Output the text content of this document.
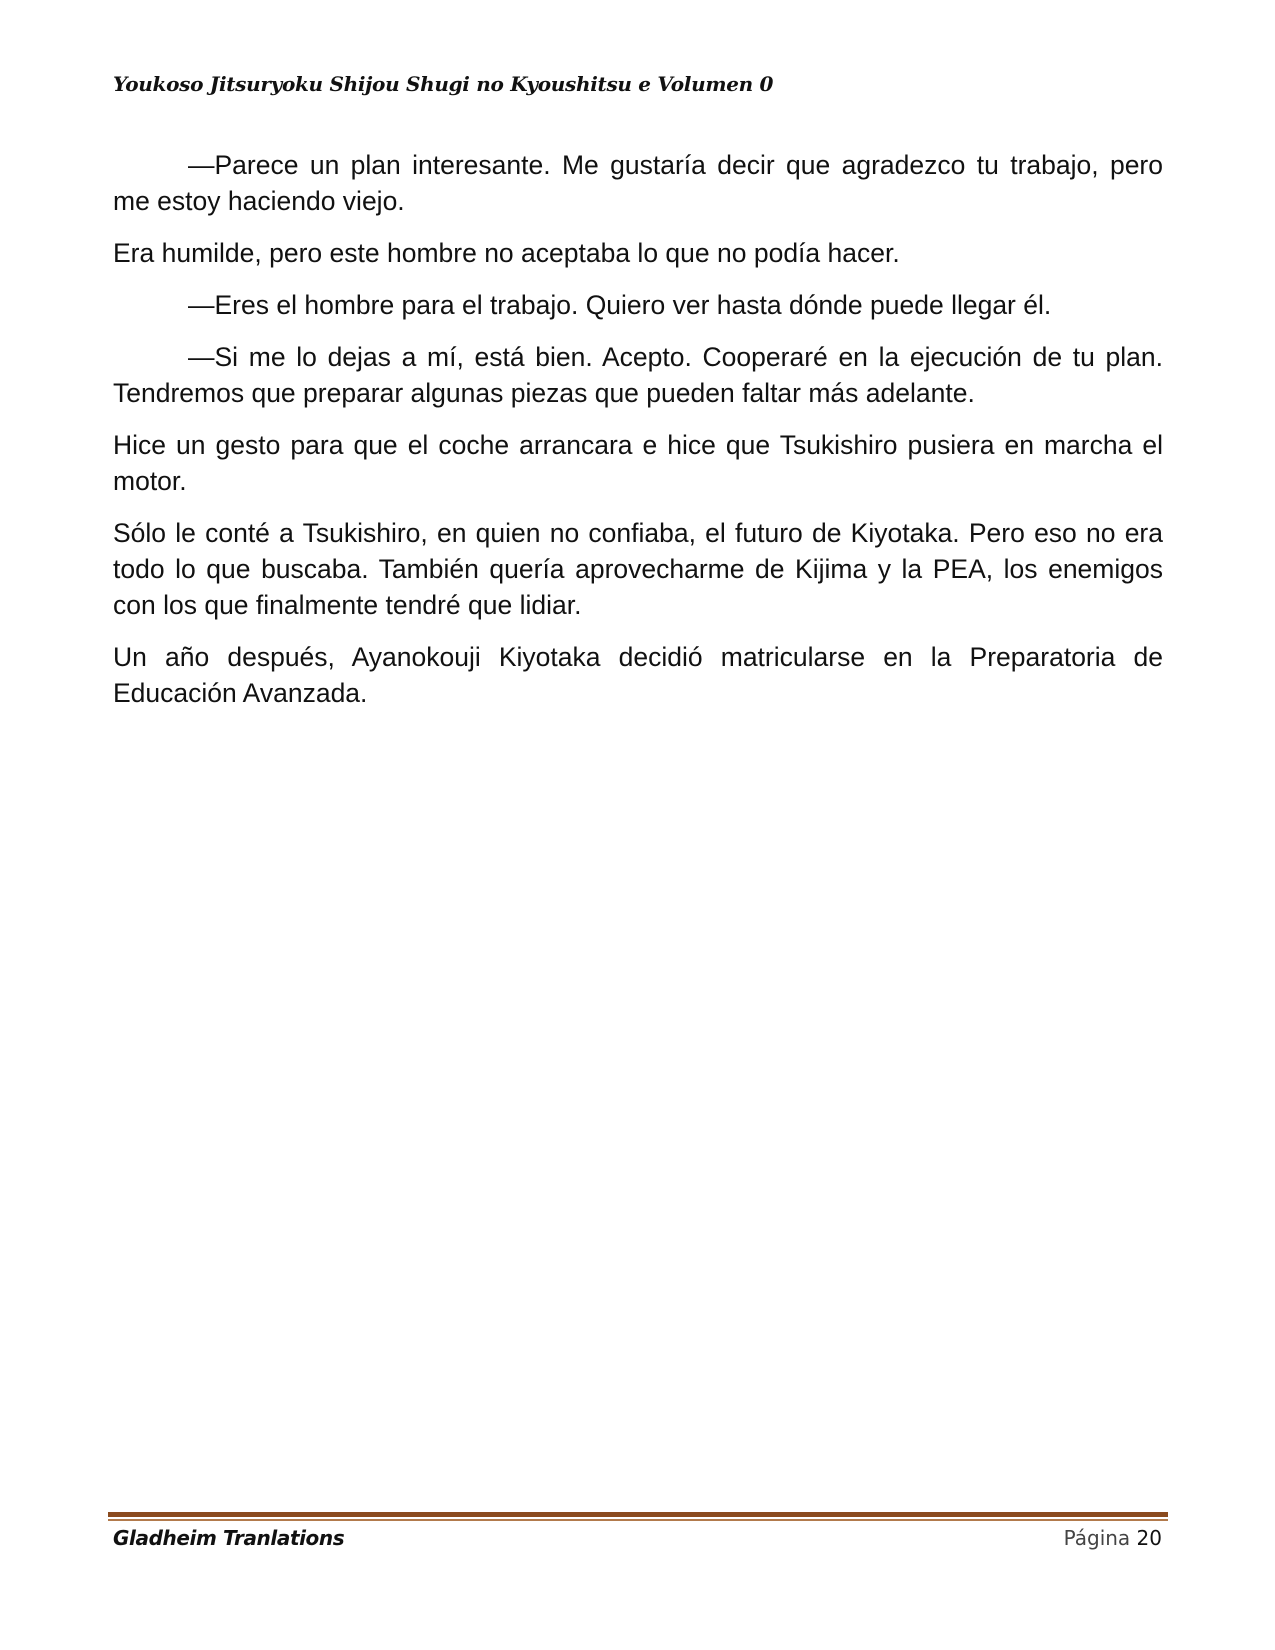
Youkoso Jitsuryoku Shijou Shugi no Kyoushitsu e Volumen 0

—Parece un plan interesante. Me gustaría decir que agradezco tu trabajo, pero me estoy haciendo viejo.

Era humilde, pero este hombre no aceptaba lo que no podía hacer.

—Eres el hombre para el trabajo. Quiero ver hasta dónde puede llegar él.

—Si me lo dejas a mí, está bien. Acepto. Cooperaré en la ejecución de tu plan. Tendremos que preparar algunas piezas que pueden faltar más adelante.

Hice un gesto para que el coche arrancara e hice que Tsukishiro pusiera en marcha el motor.

Sólo le conté a Tsukishiro, en quien no confiaba, el futuro de Kiyotaka. Pero eso no era todo lo que buscaba. También quería aprovecharme de Kijima y la PEA, los enemigos con los que finalmente tendré que lidiar.

Un año después, Ayanokouji Kiyotaka decidió matricularse en la Preparatoria de Educación Avanzada.

Gladheim Tranlations	Página 20
